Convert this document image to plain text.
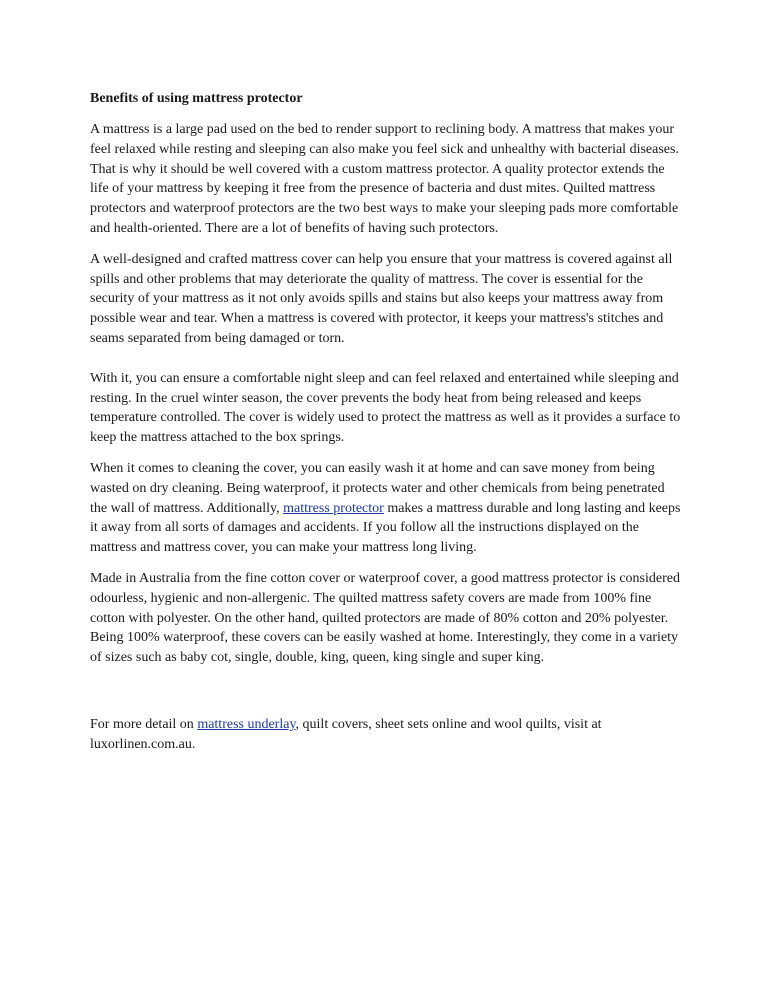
Benefits of using mattress protector

A mattress is a large pad used on the bed to render support to reclining body. A mattress that makes your feel relaxed while resting and sleeping can also make you feel sick and unhealthy with bacterial diseases. That is why it should be well covered with a custom mattress protector. A quality protector extends the life of your mattress by keeping it free from the presence of bacteria and dust mites. Quilted mattress protectors and waterproof protectors are the two best ways to make your sleeping pads more comfortable and health-oriented. There are a lot of benefits of having such protectors.

A well-designed and crafted mattress cover can help you ensure that your mattress is covered against all spills and other problems that may deteriorate the quality of mattress. The cover is essential for the security of your mattress as it not only avoids spills and stains but also keeps your mattress away from possible wear and tear. When a mattress is covered with protector, it keeps your mattress's stitches and seams separated from being damaged or torn.

With it, you can ensure a comfortable night sleep and can feel relaxed and entertained while sleeping and resting. In the cruel winter season, the cover prevents the body heat from being released and keeps temperature controlled. The cover is widely used to protect the mattress as well as it provides a surface to keep the mattress attached to the box springs.

When it comes to cleaning the cover, you can easily wash it at home and can save money from being wasted on dry cleaning. Being waterproof, it protects water and other chemicals from being penetrated the wall of mattress. Additionally, mattress protector makes a mattress durable and long lasting and keeps it away from all sorts of damages and accidents. If you follow all the instructions displayed on the mattress and mattress cover, you can make your mattress long living.

Made in Australia from the fine cotton cover or waterproof cover, a good mattress protector is considered odourless, hygienic and non-allergenic. The quilted mattress safety covers are made from 100% fine cotton with polyester. On the other hand, quilted protectors are made of 80% cotton and 20% polyester. Being 100% waterproof, these covers can be easily washed at home. Interestingly, they come in a variety of sizes such as baby cot, single, double, king, queen, king single and super king.

For more detail on mattress underlay, quilt covers, sheet sets online and wool quilts, visit at luxorlinen.com.au.
